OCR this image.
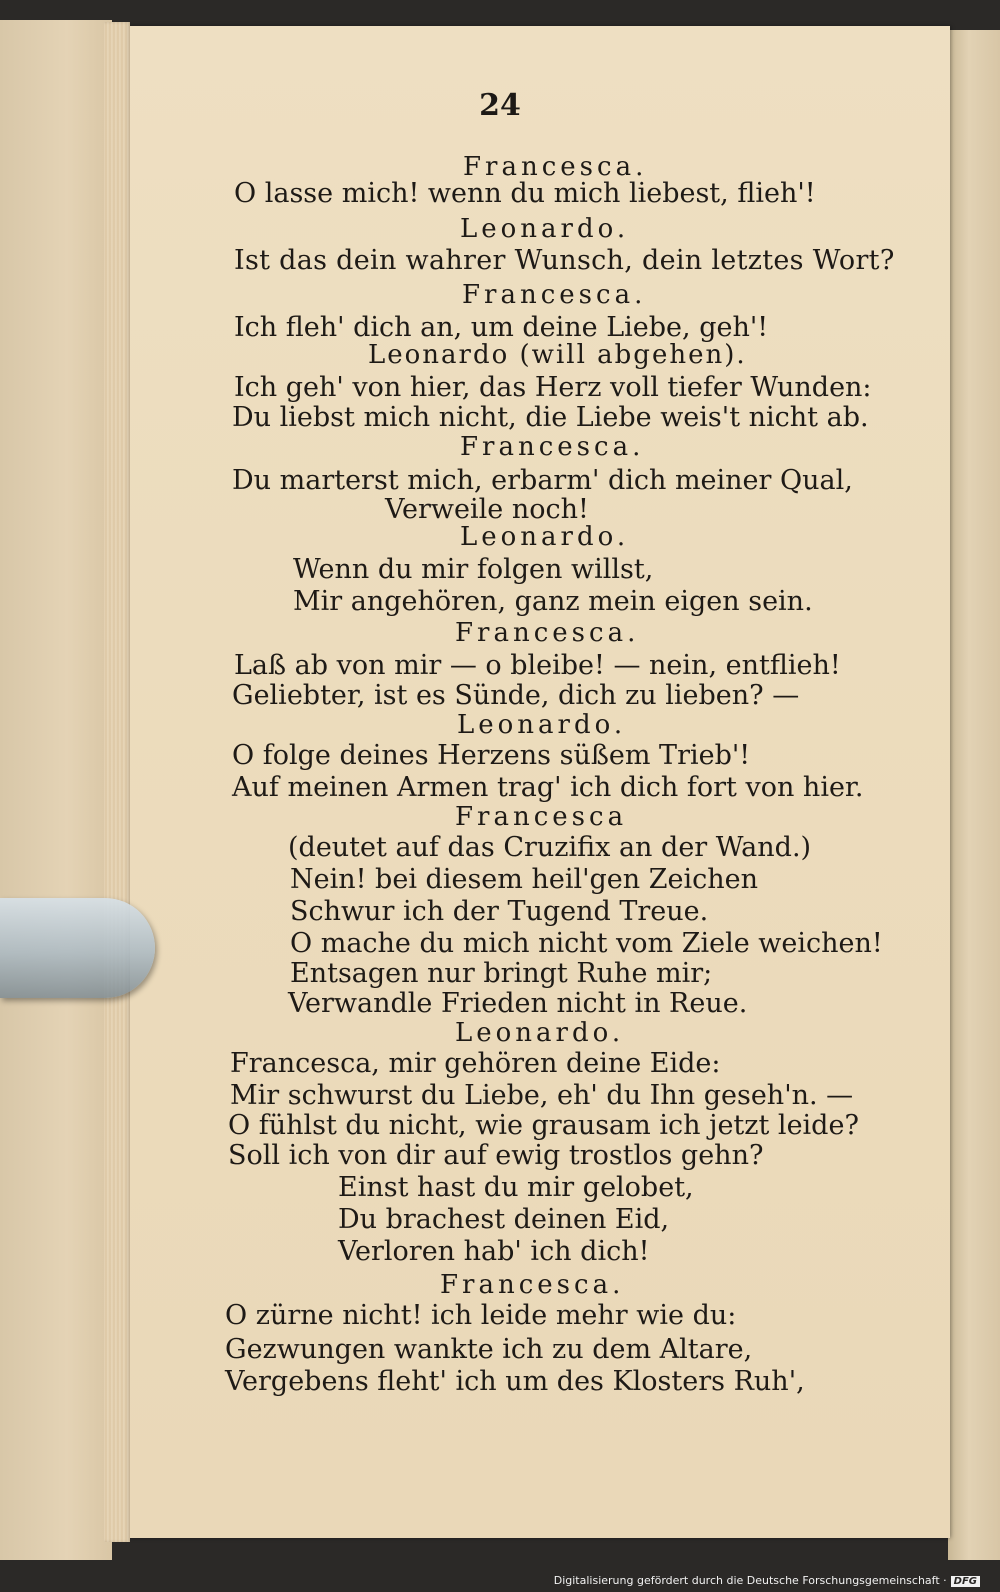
24
Francesca.
O lasse mich! wenn du mich liebest, flieh'!
Leonardo.
Ist das dein wahrer Wunsch, dein letztes Wort?
Francesca.
Ich fleh' dich an, um deine Liebe, geh'!
Leonardo (will abgehen).
Ich geh' von hier, das Herz voll tiefer Wunden:
Du liebst mich nicht, die Liebe weis't nicht ab.
Francesca.
Du marterst mich, erbarm' dich meiner Qual,
Verweile noch!
Leonardo.
Wenn du mir folgen willst,
Mir angehören, ganz mein eigen sein.
Francesca.
Laß ab von mir — o bleibe! — nein, entflieh!
Geliebter, ist es Sünde, dich zu lieben? —
Leonardo.
O folge deines Herzens süßem Trieb'!
Auf meinen Armen trag' ich dich fort von hier.
Francesca
(deutet auf das Cruzifix an der Wand.)
Nein! bei diesem heil'gen Zeichen
Schwur ich der Tugend Treue.
O mache du mich nicht vom Ziele weichen!
Entsagen nur bringt Ruhe mir;
Verwandle Frieden nicht in Reue.
Leonardo.
Francesca, mir gehören deine Eide:
Mir schwurst du Liebe, eh' du Ihn geseh'n. —
O fühlst du nicht, wie grausam ich jetzt leide?
Soll ich von dir auf ewig trostlos gehn?
Einst hast du mir gelobet,
Du brachest deinen Eid,
Verloren hab' ich dich!
Francesca.
O zürne nicht! ich leide mehr wie du:
Gezwungen wankte ich zu dem Altare,
Vergebens fleht' ich um des Klosters Ruh',
Digitalisierung gefördert durch die Deutsche Forschungsgemeinschaft · DFG
